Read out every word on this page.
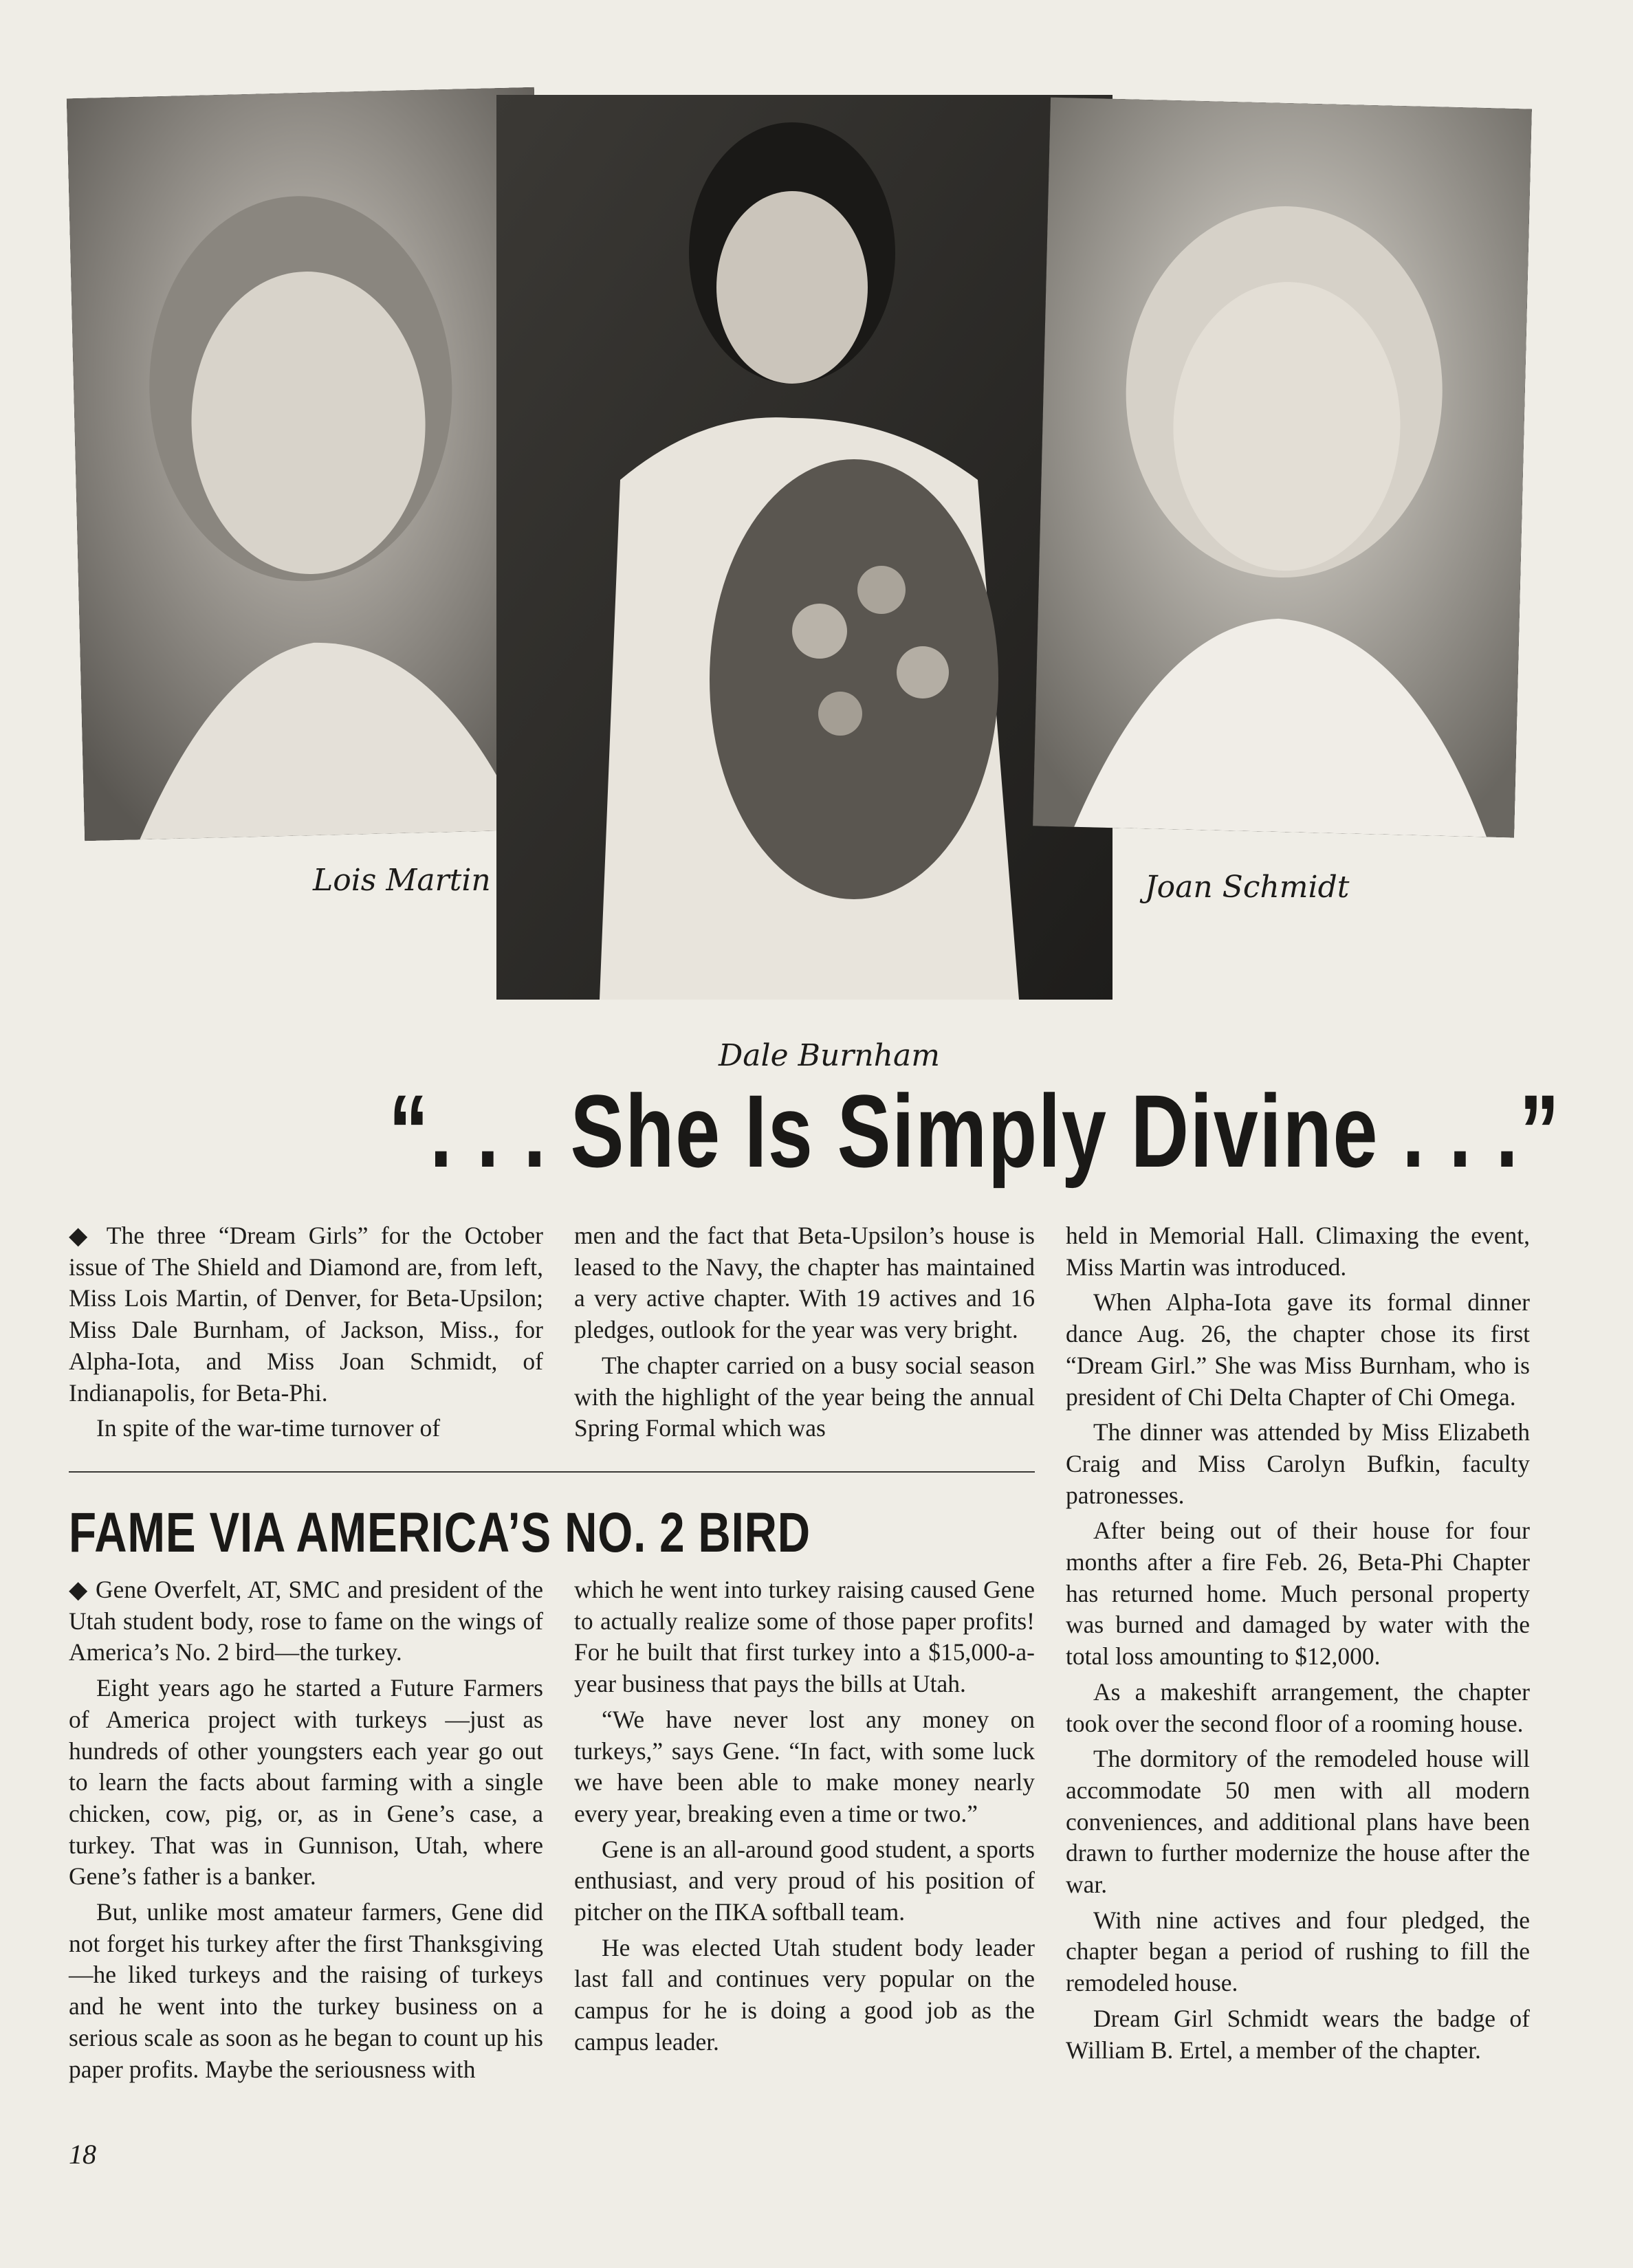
Lois Martin	Joan Schmidt
Dale Burnham
“. . . She Is Simply Divine . . .”

◆ The three “Dream Girls” for the October issue of The Shield and Diamond are, from left, Miss Lois Martin, of Denver, for Beta-Upsilon; Miss Dale Burnham, of Jackson, Miss., for Alpha-Iota, and Miss Joan Schmidt, of Indianapolis, for Beta-Phi.

In spite of the war-time turnover of

men and the fact that Beta-Upsilon’s house is leased to the Navy, the chapter has maintained a very active chapter. With 19 actives and 16 pledges, outlook for the year was very bright.

The chapter carried on a busy social season with the highlight of the year being the annual Spring Formal which was

held in Memorial Hall. Climaxing the event, Miss Martin was introduced.

When Alpha-Iota gave its formal dinner dance Aug. 26, the chapter chose its first “Dream Girl.” She was Miss Burnham, who is president of Chi Delta Chapter of Chi Omega.

The dinner was attended by Miss Elizabeth Craig and Miss Carolyn Bufkin, faculty patronesses.

After being out of their house for four months after a fire Feb. 26, Beta-Phi Chapter has returned home. Much personal property was burned and damaged by water with the total loss amounting to $12,000.

As a makeshift arrangement, the chapter took over the second floor of a rooming house.

The dormitory of the remodeled house will accommodate 50 men with all modern conveniences, and additional plans have been drawn to further modernize the house after the war.

With nine actives and four pledged, the chapter began a period of rushing to fill the remodeled house.

Dream Girl Schmidt wears the badge of William B. Ertel, a member of the chapter.

FAME VIA AMERICA’S NO. 2 BIRD

◆ Gene Overfelt, AT, SMC and president of the Utah student body, rose to fame on the wings of America’s No. 2 bird—the turkey.

Eight years ago he started a Future Farmers of America project with turkeys —just as hundreds of other youngsters each year go out to learn the facts about farming with a single chicken, cow, pig, or, as in Gene’s case, a turkey. That was in Gunnison, Utah, where Gene’s father is a banker.

But, unlike most amateur farmers, Gene did not forget his turkey after the first Thanksgiving—he liked turkeys and the raising of turkeys and he went into the turkey business on a serious scale as soon as he began to count up his paper profits. Maybe the seriousness with

which he went into turkey raising caused Gene to actually realize some of those paper profits! For he built that first turkey into a $15,000-a-year business that pays the bills at Utah.

“We have never lost any money on turkeys,” says Gene. “In fact, with some luck we have been able to make money nearly every year, breaking even a time or two.”

Gene is an all-around good student, a sports enthusiast, and very proud of his position of pitcher on the ΠKA softball team.

He was elected Utah student body leader last fall and continues very popular on the campus for he is doing a good job as the campus leader.

18
